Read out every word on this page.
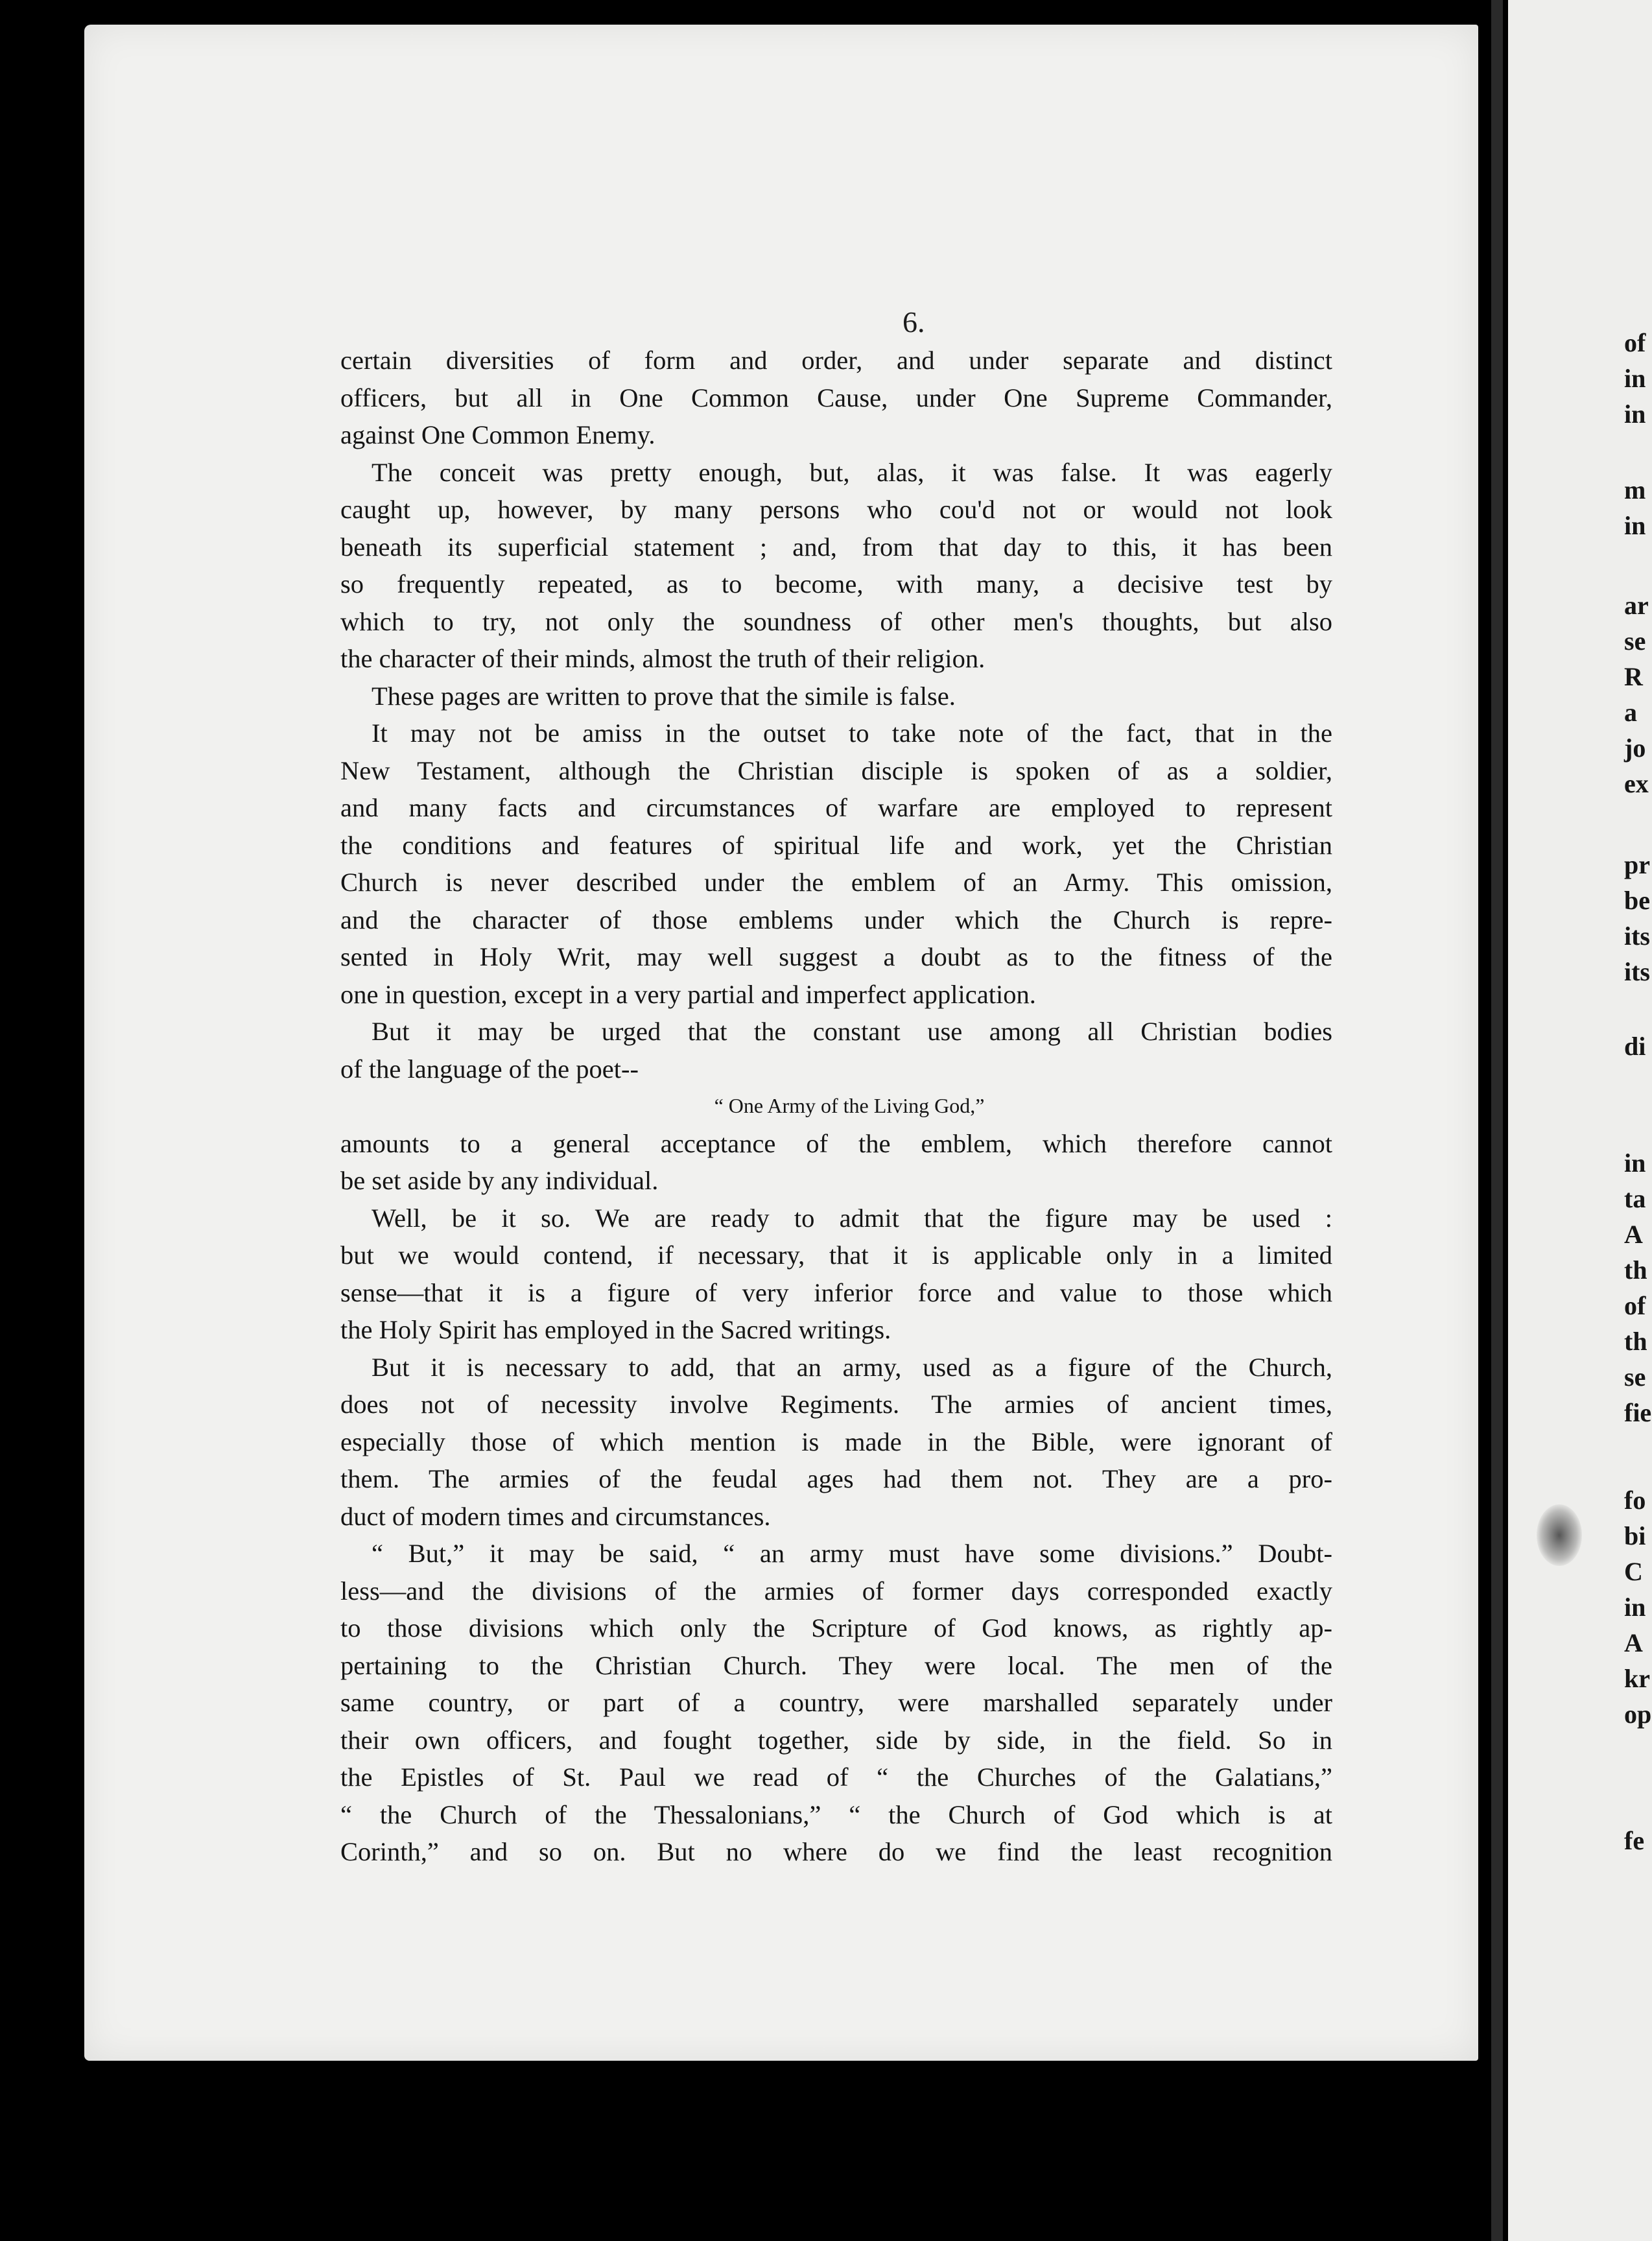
6.
certain diversities of form and order, and under separate and distinct
officers, but all in One Common Cause, under One Supreme Commander,
against One Common Enemy.
The conceit was pretty enough, but, alas, it was false. It was eagerly
caught up, however, by many persons who cou'd not or would not look
beneath its superficial statement ; and, from that day to this, it has been
so frequently repeated, as to become, with many, a decisive test by
which to try, not only the soundness of other men's thoughts, but also
the character of their minds, almost the truth of their religion.
These pages are written to prove that the simile is false.
It may not be amiss in the outset to take note of the fact, that in the
New Testament, although the Christian disciple is spoken of as a soldier,
and many facts and circumstances of warfare are employed to represent
the conditions and features of spiritual life and work, yet the Christian
Church is never described under the emblem of an Army. This omission,
and the character of those emblems under which the Church is repre-
sented in Holy Writ, may well suggest a doubt as to the fitness of the
one in question, except in a very partial and imperfect application.
But it may be urged that the constant use among all Christian bodies
of the language of the poet--
“ One Army of the Living God,”
amounts to a general acceptance of the emblem, which therefore cannot
be set aside by any individual.
Well, be it so. We are ready to admit that the figure may be used :
but we would contend, if necessary, that it is applicable only in a limited
sense—that it is a figure of very inferior force and value to those which
the Holy Spirit has employed in the Sacred writings.
But it is necessary to add, that an army, used as a figure of the Church,
does not of necessity involve Regiments. The armies of ancient times,
especially those of which mention is made in the Bible, were ignorant of
them. The armies of the feudal ages had them not. They are a pro-
duct of modern times and circumstances.
“ But,” it may be said, “ an army must have some divisions.” Doubt-
less—and the divisions of the armies of former days corresponded exactly
to those divisions which only the Scripture of God knows, as rightly ap-
pertaining to the Christian Church. They were local. The men of the
same country, or part of a country, were marshalled separately under
their own officers, and fought together, side by side, in the field. So in
the Epistles of St. Paul we read of “ the Churches of the Galatians,”
“ the Church of the Thessalonians,” “ the Church of God which is at
Corinth,” and so on. But no where do we find the least recognition
of
in
in
m
in
ar
se
R
a
jo
ex
pr
be
its
its
di
in
ta
A
th
of
th
se
fie
fo
bi
C
in
A
kr
op
fe
